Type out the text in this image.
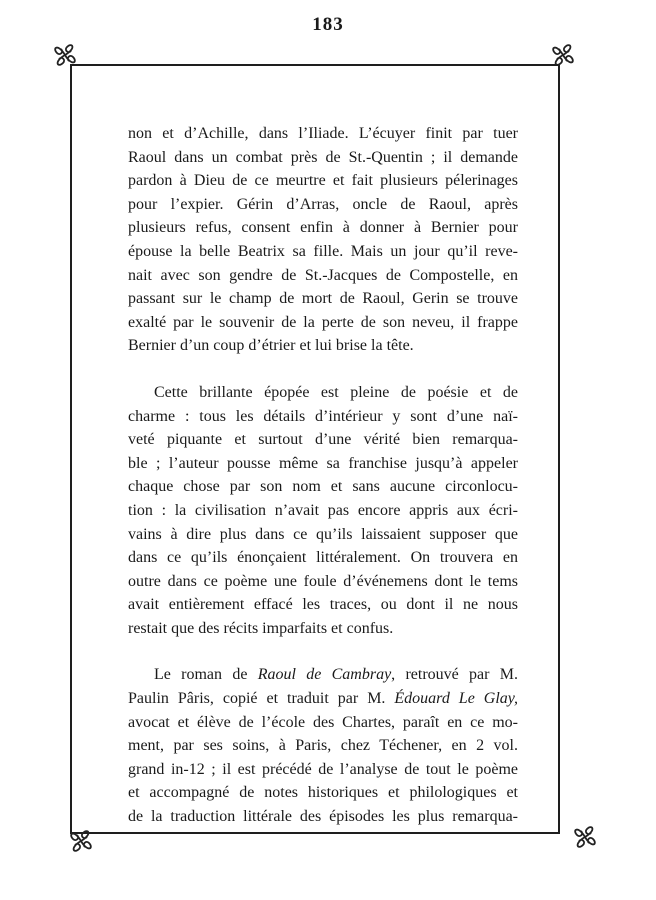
183

non et d’Achille, dans l’Iliade. L’écuyer finit par tuer
Raoul dans un combat près de St.-Quentin ; il demande
pardon à Dieu de ce meurtre et fait plusieurs pélerinages
pour l’expier. Gérin d’Arras, oncle de Raoul, après
plusieurs refus, consent enfin à donner à Bernier pour
épouse la belle Beatrix sa fille. Mais un jour qu’il reve-
nait avec son gendre de St.-Jacques de Compostelle, en
passant sur le champ de mort de Raoul, Gerin se trouve
exalté par le souvenir de la perte de son neveu, il frappe
Bernier d’un coup d’étrier et lui brise la tête.

Cette brillante épopée est pleine de poésie et de
charme : tous les détails d’intérieur y sont d’une naï-
veté piquante et surtout d’une vérité bien remarqua-
ble ; l’auteur pousse même sa franchise jusqu’à appeler
chaque chose par son nom et sans aucune circonlocu-
tion : la civilisation n’avait pas encore appris aux écri-
vains à dire plus dans ce qu’ils laissaient supposer que
dans ce qu’ils énonçaient littéralement. On trouvera en
outre dans ce poème une foule d’événemens dont le tems
avait entièrement effacé les traces, ou dont il ne nous
restait que des récits imparfaits et confus.

Le roman de Raoul de Cambray, retrouvé par M.
Paulin Pâris, copié et traduit par M. Édouard Le Glay,
avocat et élève de l’école des Chartes, paraît en ce mo-
ment, par ses soins, à Paris, chez Téchener, en 2 vol.
grand in-12 ; il est précédé de l’analyse de tout le poème
et accompagné de notes historiques et philologiques et
de la traduction littérale des épisodes les plus remarqua-
